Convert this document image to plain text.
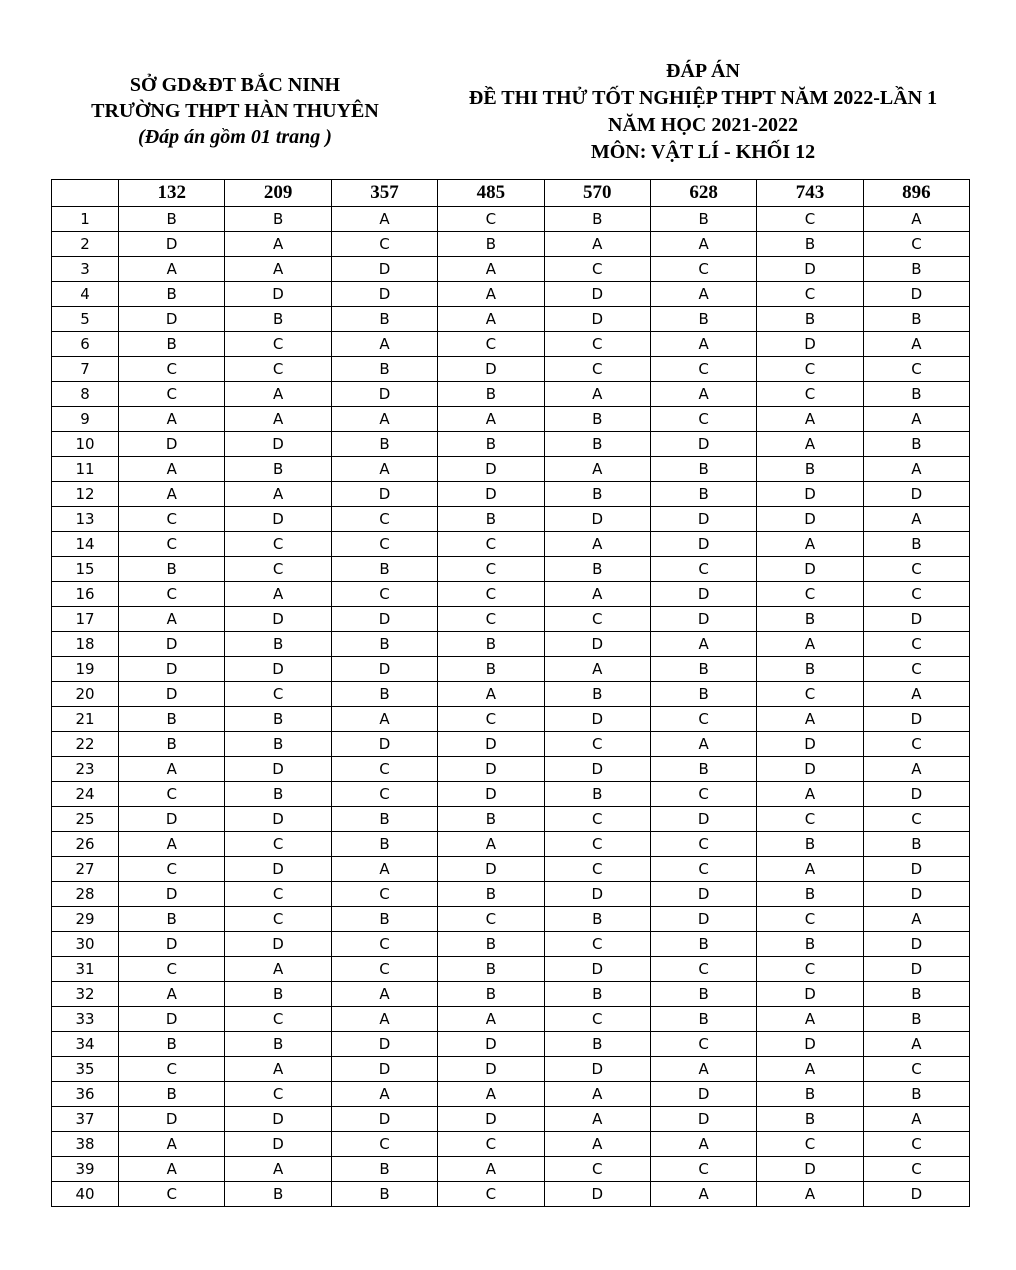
SỞ GD&ĐT BẮC NINH
TRƯỜNG THPT HÀN THUYÊN
(Đáp án gồm 01 trang )
ĐÁP ÁN
ĐỀ THI THỬ TỐT NGHIỆP THPT NĂM 2022-LẦN 1
NĂM HỌC 2021-2022
MÔN: VẬT LÍ - KHỐI 12
	132	209	357	485	570	628	743	896
1	B	B	A	C	B	B	C	A
2	D	A	C	B	A	A	B	C
3	A	A	D	A	C	C	D	B
4	B	D	D	A	D	A	C	D
5	D	B	B	A	D	B	B	B
6	B	C	A	C	C	A	D	A
7	C	C	B	D	C	C	C	C
8	C	A	D	B	A	A	C	B
9	A	A	A	A	B	C	A	A
10	D	D	B	B	B	D	A	B
11	A	B	A	D	A	B	B	A
12	A	A	D	D	B	B	D	D
13	C	D	C	B	D	D	D	A
14	C	C	C	C	A	D	A	B
15	B	C	B	C	B	C	D	C
16	C	A	C	C	A	D	C	C
17	A	D	D	C	C	D	B	D
18	D	B	B	B	D	A	A	C
19	D	D	D	B	A	B	B	C
20	D	C	B	A	B	B	C	A
21	B	B	A	C	D	C	A	D
22	B	B	D	D	C	A	D	C
23	A	D	C	D	D	B	D	A
24	C	B	C	D	B	C	A	D
25	D	D	B	B	C	D	C	C
26	A	C	B	A	C	C	B	B
27	C	D	A	D	C	C	A	D
28	D	C	C	B	D	D	B	D
29	B	C	B	C	B	D	C	A
30	D	D	C	B	C	B	B	D
31	C	A	C	B	D	C	C	D
32	A	B	A	B	B	B	D	B
33	D	C	A	A	C	B	A	B
34	B	B	D	D	B	C	D	A
35	C	A	D	D	D	A	A	C
36	B	C	A	A	A	D	B	B
37	D	D	D	D	A	D	B	A
38	A	D	C	C	A	A	C	C
39	A	A	B	A	C	C	D	C
40	C	B	B	C	D	A	A	D
